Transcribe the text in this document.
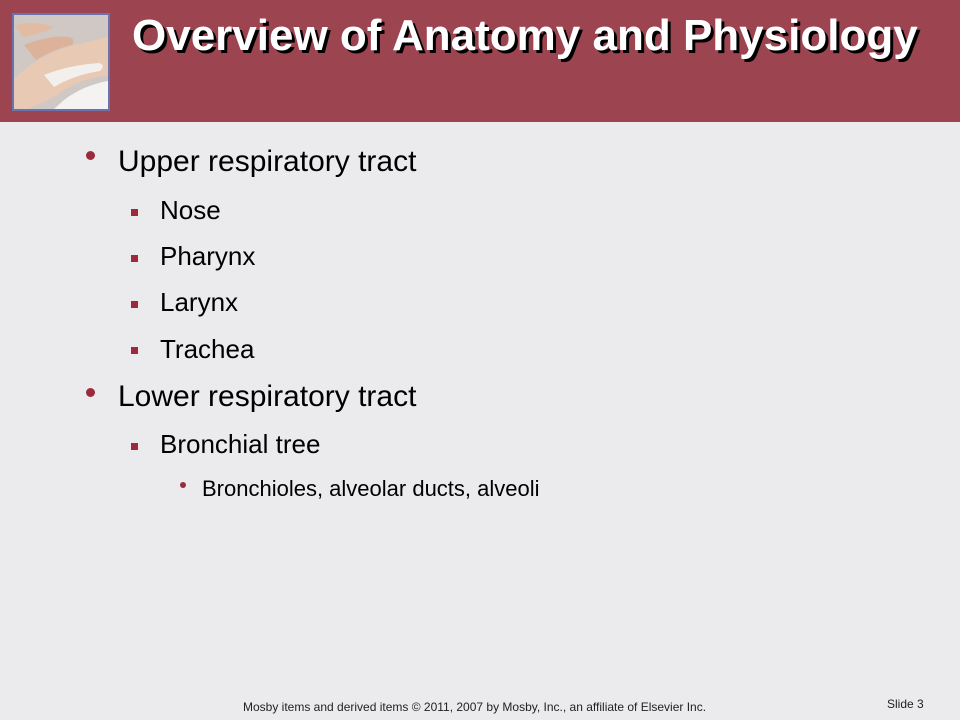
Overview of Anatomy and Physiology
Upper respiratory tract
Nose
Pharynx
Larynx
Trachea
Lower respiratory tract
Bronchial tree
Bronchioles, alveolar ducts, alveoli
Mosby items and derived items © 2011, 2007 by Mosby, Inc., an affiliate of Elsevier Inc.	Slide 3
